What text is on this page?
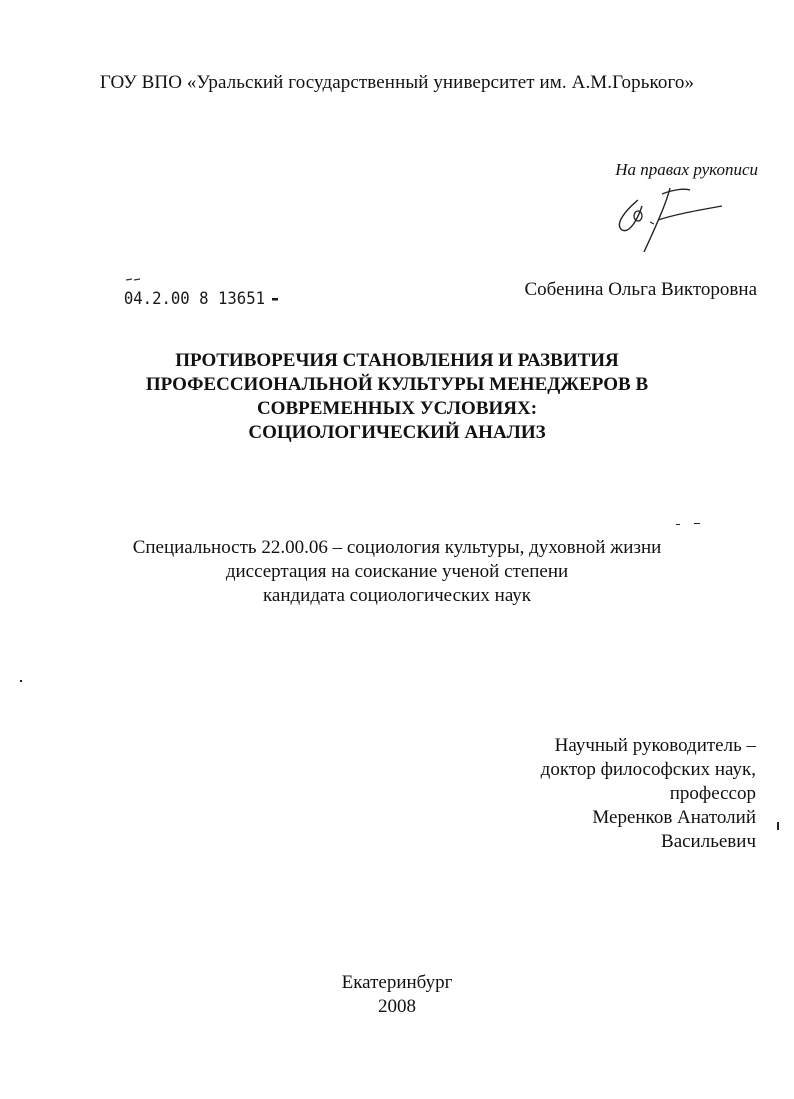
ГОУ ВПО «Уральский государственный университет им. А.М.Горького»
На правах рукописи
04.2.00 8 13651	Собенина Ольга Викторовна
ПРОТИВОРЕЧИЯ СТАНОВЛЕНИЯ И РАЗВИТИЯ
ПРОФЕССИОНАЛЬНОЙ КУЛЬТУРЫ МЕНЕДЖЕРОВ В
СОВРЕМЕННЫХ УСЛОВИЯХ:
СОЦИОЛОГИЧЕСКИЙ АНАЛИЗ
Специальность 22.00.06 – социология культуры, духовной жизни
диссертация на соискание ученой степени
кандидата социологических наук
Научный руководитель –
доктор философских наук,
профессор
Меренков Анатолий
Васильевич
Екатеринбург
2008
